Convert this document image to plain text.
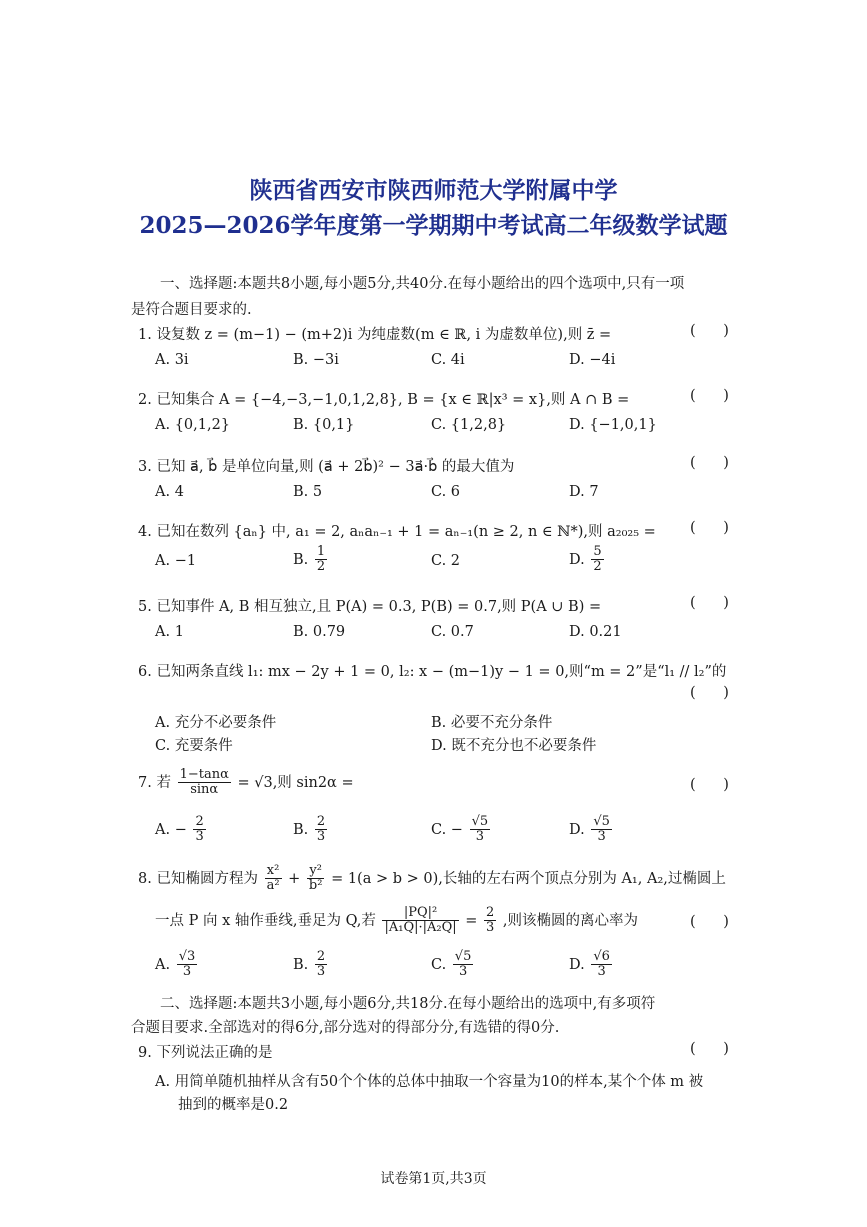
陕西省西安市陕西师范大学附属中学
2025—2026学年度第一学期期中考试高二年级数学试题
一、选择题:本题共8小题,每小题5分,共40分.在每小题给出的四个选项中,只有一项
是符合题目要求的.
1. 设复数 z = (m−1) − (m+2)i 为纯虚数(m ∈ ℝ, i 为虚数单位),则 z̄ =	(      )
A. 3i	B. −3i	C. 4i	D. −4i
2. 已知集合 A = {−4,−3,−1,0,1,2,8}, B = {x ∈ ℝ|x³ = x},则 A ∩ B =	(      )
A. {0,1,2}	B. {0,1}	C. {1,2,8}	D. {−1,0,1}
3. 已知 a⃗, b⃗ 是单位向量,则 (a⃗ + 2b⃗)² − 3a⃗·b⃗ 的最大值为	(      )
A. 4	B. 5	C. 6	D. 7
4. 已知在数列 {aₙ} 中, a₁ = 2, aₙaₙ₋₁ + 1 = aₙ₋₁(n ≥ 2, n ∈ ℕ*),则 a₂₀₂₅ = (      )
A. −1	B. $\frac{1}{2}$	C. 2	D. $\frac{5}{2}$
5. 已知事件 A, B 相互独立,且 P(A) = 0.3, P(B) = 0.7,则 P(A ∪ B) =	(      )
A. 1	B. 0.79	C. 0.7	D. 0.21
6. 已知两条直线 l₁: mx − 2y + 1 = 0, l₂: x − (m−1)y − 1 = 0,则“m = 2”是“l₁ // l₂”的
(      )
A. 充分不必要条件	B. 必要不充分条件
C. 充要条件	D. 既不充分也不必要条件
7. 若 $\frac{1-\tan\alpha}{\sin\alpha} = √3$,则 sin2α =	(      )
A. − $\frac{2}{3}$	B. $\frac{2}{3}$	C. − $\frac{√5}{3}$	D. $\frac{√5}{3}$
8. 已知椭圆方程为 $\frac{\text{x²}}{\text{a²}} + \frac{\text{y²}}{\text{b²}} = 1(a > b > 0)$,长轴的左右两个顶点分别为 A₁, A₂,过椭圆上
一点 P 向 x 轴作垂线,垂足为 Q,若 $\frac{\text{|PQ|²}}{\text{|A₁Q|·|A₂Q|}} = \frac{2}{3}$ ,则该椭圆的离心率为	(      )
A. $\frac{√3}{3}$	B. $\frac{2}{3}$	C. $\frac{√5}{3}$	D. $\frac{√6}{3}$
二、选择题:本题共3小题,每小题6分,共18分.在每小题给出的选项中,有多项符
合题目要求.全部选对的得6分,部分选对的得部分分,有选错的得0分.
9. 下列说法正确的是	(      )
A. 用简单随机抽样从含有50个个体的总体中抽取一个容量为10的样本,某个个体 m 被
抽到的概率是0.2
试卷第1页,共3页
